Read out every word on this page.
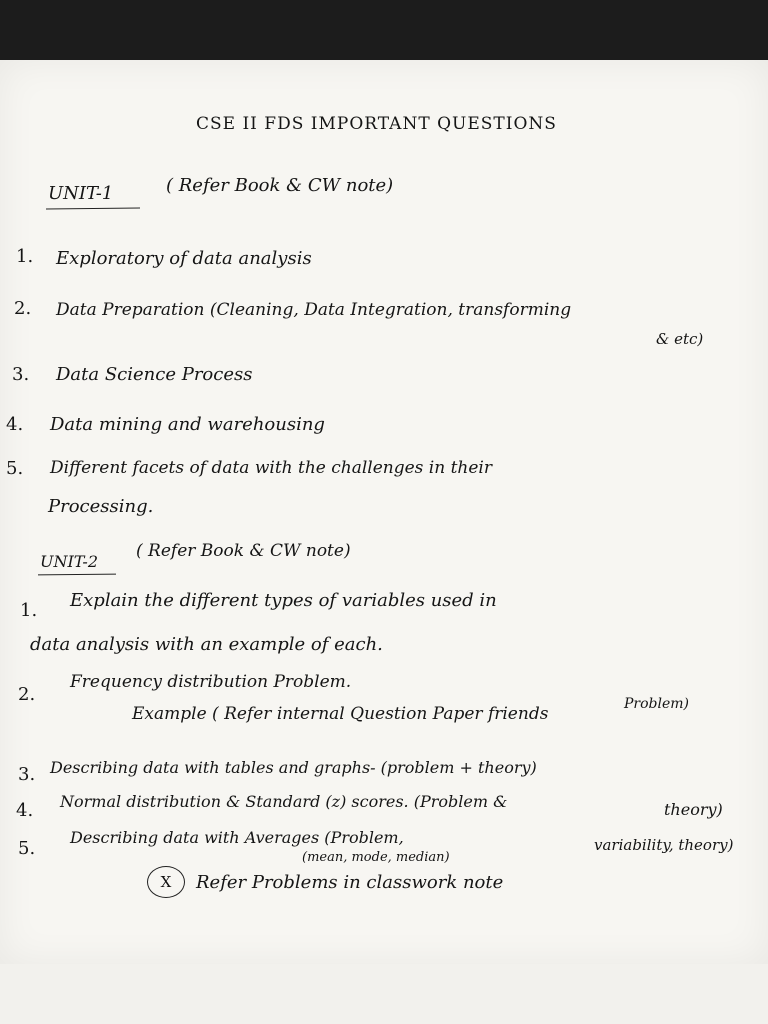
CSE II FDS IMPORTANT QUESTIONS
UNIT-1	( Refer Book & CW note)
1. Exploratory of data analysis
2. Data Preparation (Cleaning, Data Integration, transforming
& etc)
3. Data Science Process
4. Data mining and warehousing
5. Different facets of data with the challenges in their
Processing.
UNIT-2
( Refer Book & CW note)
1. Explain the different types of variables used in
data analysis with an example of each.
2.
Frequency distribution Problem.
Example ( Refer internal Question Paper friends	Problem)
3. Describing data with tables and graphs- (problem + theory)
4. Normal distribution & Standard (z) scores. (Problem &	theory)
5.
Describing data with Averages (Problem,
(mean, mode, median)
variability, theory)
X Refer Problems in classwork note
